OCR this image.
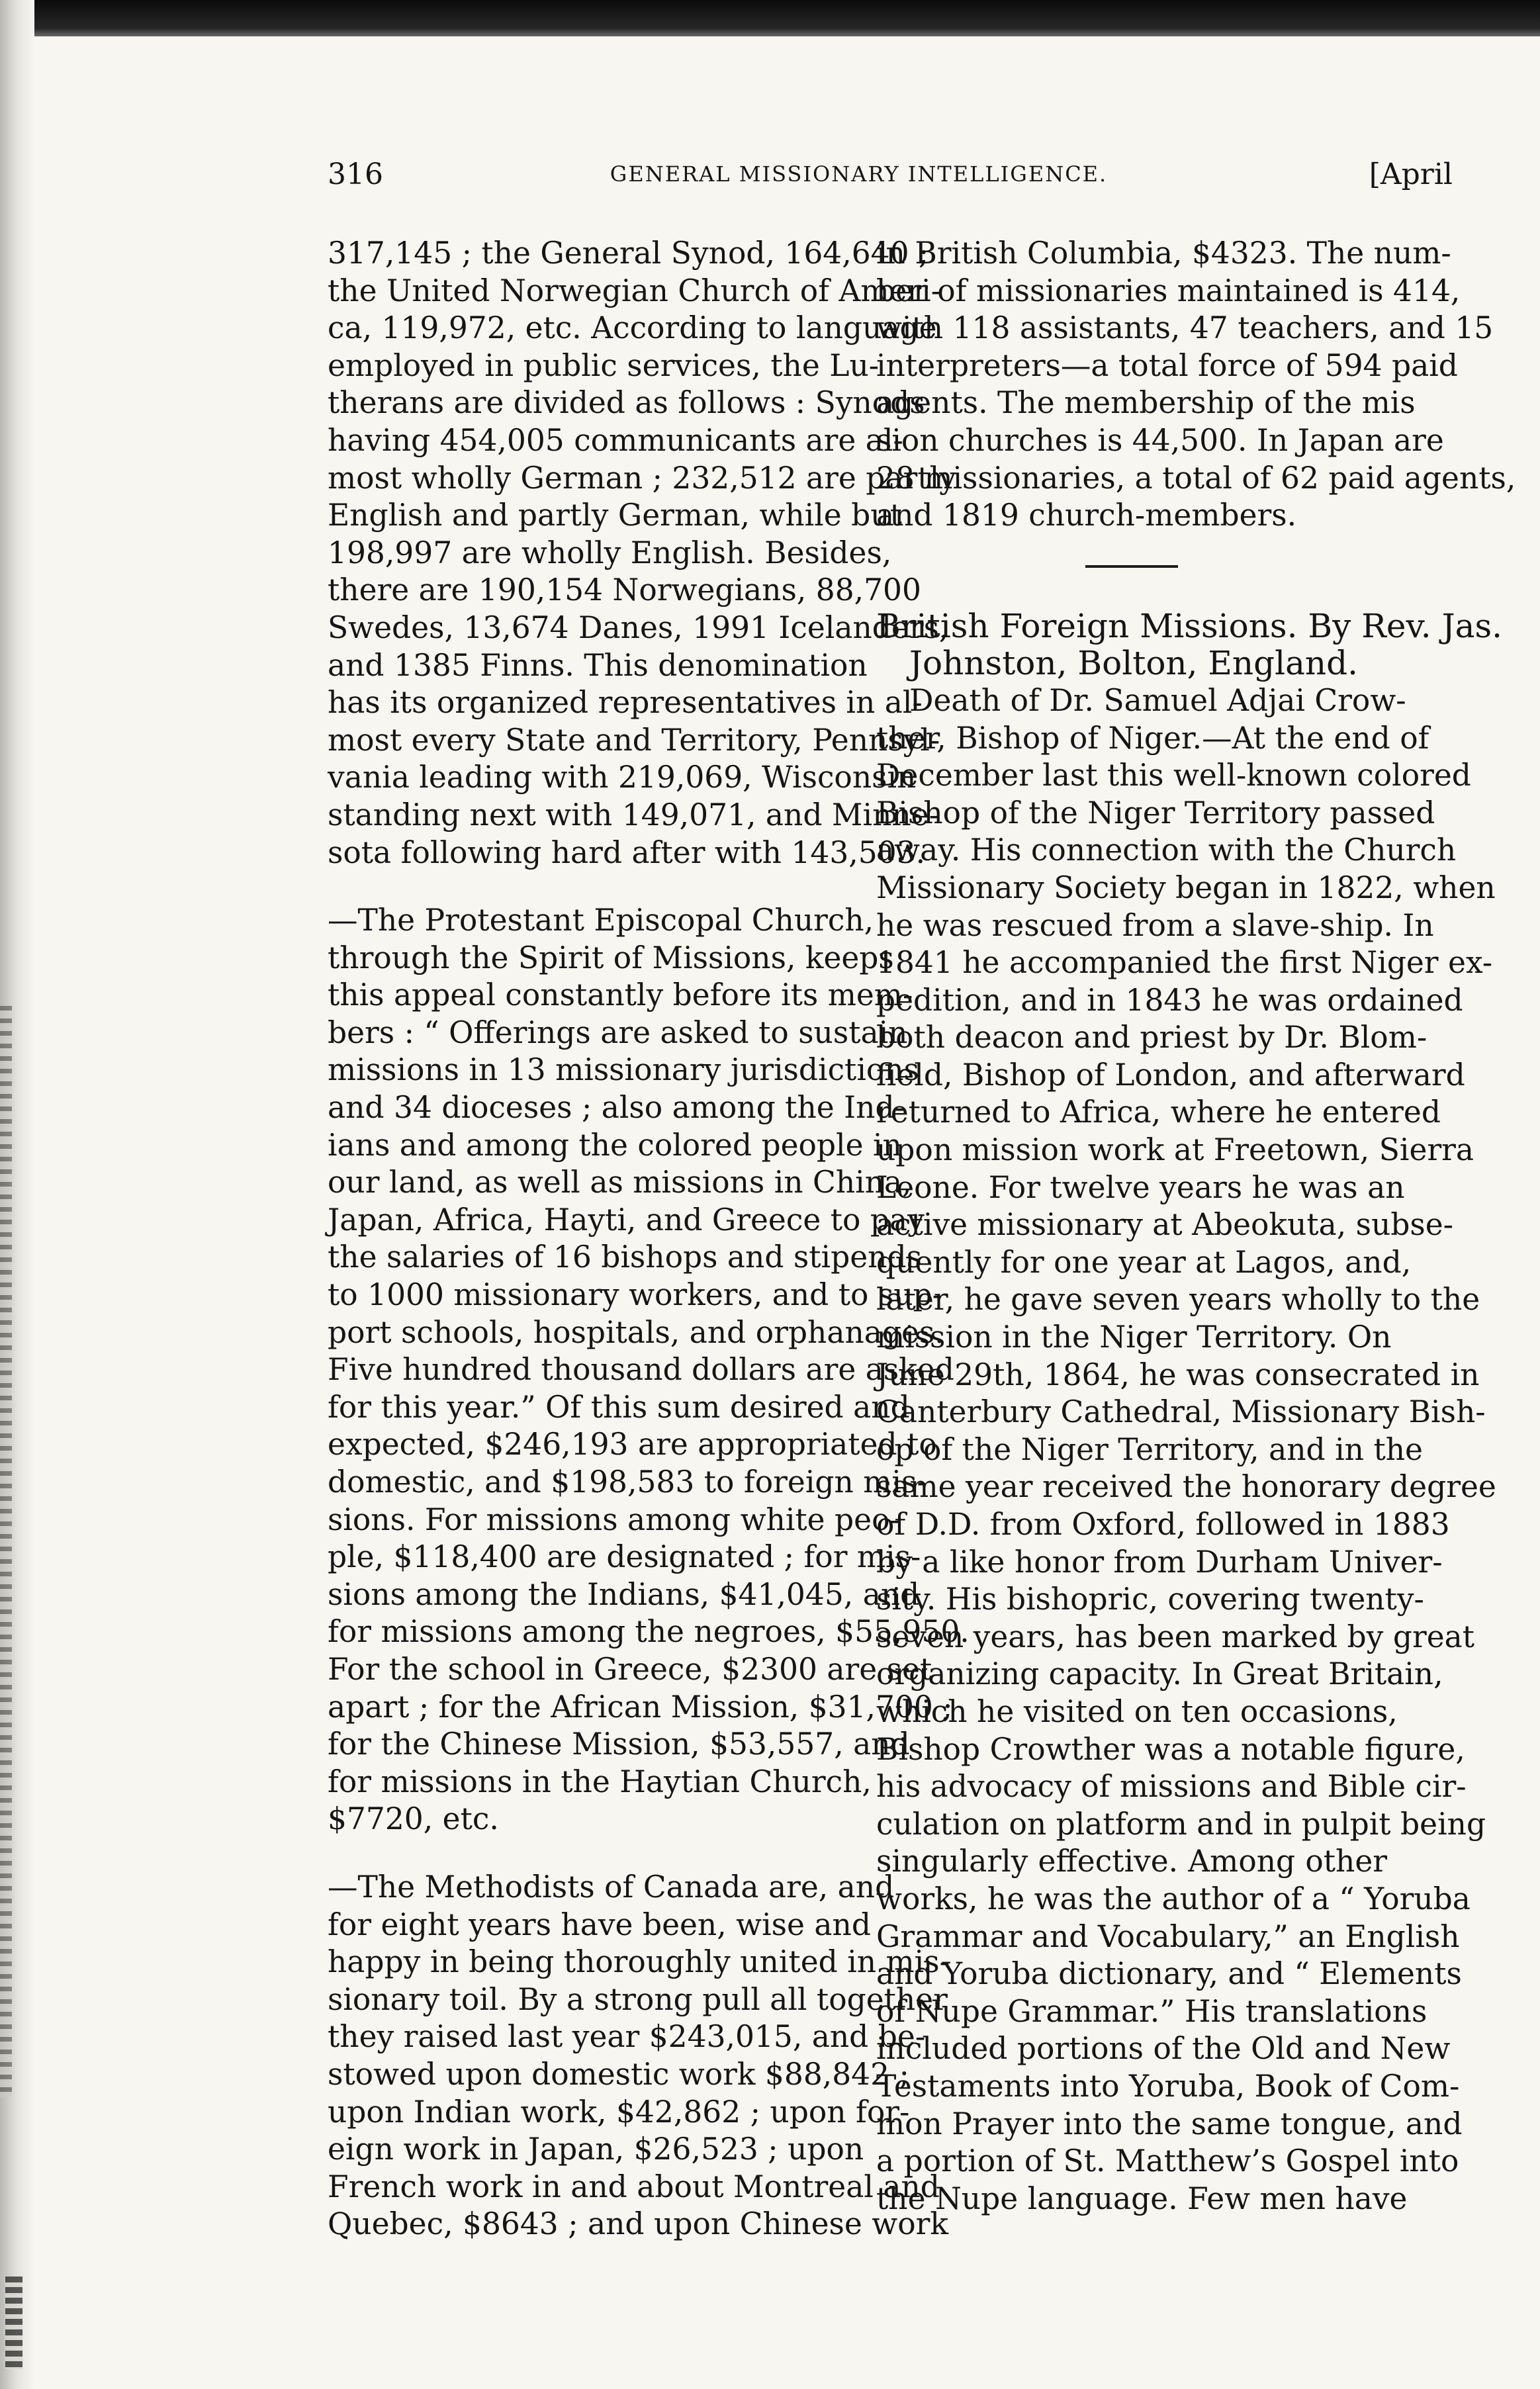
316	GENERAL MISSIONARY INTELLIGENCE.	[April
317,145 ; the General Synod, 164,640 ;
the United Norwegian Church of Ameri-
ca, 119,972, etc. According to language
employed in public services, the Lu-
therans are divided as follows : Synods
having 454,005 communicants are al-
most wholly German ; 232,512 are partly
English and partly German, while but
198,997 are wholly English. Besides,
there are 190,154 Norwegians, 88,700
Swedes, 13,674 Danes, 1991 Icelanders,
and 1385 Finns. This denomination
has its organized representatives in al-
most every State and Territory, Pennsyl-
vania leading with 219,069, Wisconsin
standing next with 149,071, and Minne-
sota following hard after with 143,503.
—The Protestant Episcopal Church,
through the Spirit of Missions, keeps
this appeal constantly before its mem-
bers : “ Offerings are asked to sustain
missions in 13 missionary jurisdictions
and 34 dioceses ; also among the Ind-
ians and among the colored people in
our land, as well as missions in China,
Japan, Africa, Hayti, and Greece to pay
the salaries of 16 bishops and stipends
to 1000 missionary workers, and to sup-
port schools, hospitals, and orphanages.
Five hundred thousand dollars are asked
for this year.” Of this sum desired and
expected, $246,193 are appropriated to
domestic, and $198,583 to foreign mis-
sions. For missions among white peo-
ple, $118,400 are designated ; for mis-
sions among the Indians, $41,045, and
for missions among the negroes, $55,950.
For the school in Greece, $2300 are set
apart ; for the African Mission, $31,700 ;
for the Chinese Mission, $53,557, and
for missions in the Haytian Church,
$7720, etc.
—The Methodists of Canada are, and
for eight years have been, wise and
happy in being thoroughly united in mis-
sionary toil. By a strong pull all together
they raised last year $243,015, and be-
stowed upon domestic work $88,842 ;
upon Indian work, $42,862 ; upon for-
eign work in Japan, $26,523 ; upon
French work in and about Montreal and
Quebec, $8643 ; and upon Chinese work
in British Columbia, $4323. The num-
ber of missionaries maintained is 414,
with 118 assistants, 47 teachers, and 15
interpreters—a total force of 594 paid
agents. The membership of the mis
sion churches is 44,500. In Japan are
28 missionaries, a total of 62 paid agents,
and 1819 church-members.
British Foreign Missions. By Rev. Jas.
Johnston, Bolton, England.
Death of Dr. Samuel Adjai Crow-
ther, Bishop of Niger.—At the end of
December last this well-known colored
Bishop of the Niger Territory passed
away. His connection with the Church
Missionary Society began in 1822, when
he was rescued from a slave-ship. In
1841 he accompanied the first Niger ex-
pedition, and in 1843 he was ordained
both deacon and priest by Dr. Blom-
field, Bishop of London, and afterward
returned to Africa, where he entered
upon mission work at Freetown, Sierra
Leone. For twelve years he was an
active missionary at Abeokuta, subse-
quently for one year at Lagos, and,
later, he gave seven years wholly to the
mission in the Niger Territory. On
June 29th, 1864, he was consecrated in
Canterbury Cathedral, Missionary Bish-
op of the Niger Territory, and in the
same year received the honorary degree
of D.D. from Oxford, followed in 1883
by a like honor from Durham Univer-
sity. His bishopric, covering twenty-
seven years, has been marked by great
organizing capacity. In Great Britain,
which he visited on ten occasions,
Bishop Crowther was a notable figure,
his advocacy of missions and Bible cir-
culation on platform and in pulpit being
singularly effective. Among other
works, he was the author of a “ Yoruba
Grammar and Vocabulary,” an English
and Yoruba dictionary, and “ Elements
of Nupe Grammar.” His translations
included portions of the Old and New
Testaments into Yoruba, Book of Com-
mon Prayer into the same tongue, and
a portion of St. Matthew’s Gospel into
the Nupe language. Few men have
